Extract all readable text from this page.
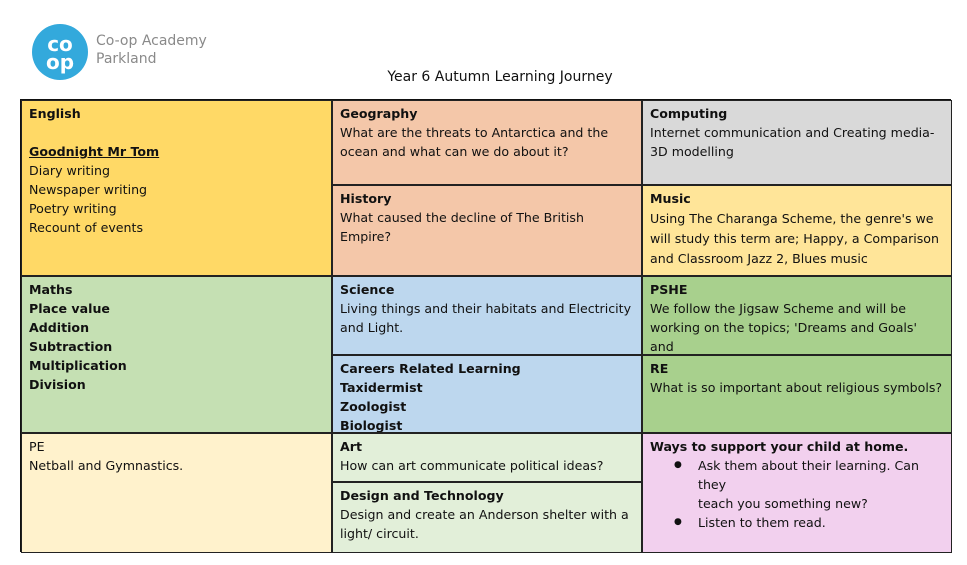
co
op
Co-op Academy
Parkland
Year 6 Autumn Learning Journey
English
Goodnight Mr Tom
Diary writing
Newspaper writing
Poetry writing
Recount of events
Geography
What are the threats to Antarctica and the
ocean and what can we do about it?
Computing
Internet communication and Creating media-
3D modelling
History
What caused the decline of The British
Empire?
Music
Using The Charanga Scheme, the genre's we
will study this term are; Happy, a Comparison
and Classroom Jazz 2, Blues music
Maths
Place value
Addition
Subtraction
Multiplication
Division
Science
Living things and their habitats and Electricity
and Light.
PSHE
We follow the Jigsaw Scheme and will be
working on the topics; 'Dreams and Goals' and
Careers Related Learning
Taxidermist
Zoologist
Biologist
RE
What is so important about religious symbols?
PE
Netball and Gymnastics.
Art
How can art communicate political ideas?
Design and Technology
Design and create an Anderson shelter with a
light/ circuit.
Ways to support your child at home.
● Ask them about their learning. Can they
teach you something new?
● Listen to them read.
